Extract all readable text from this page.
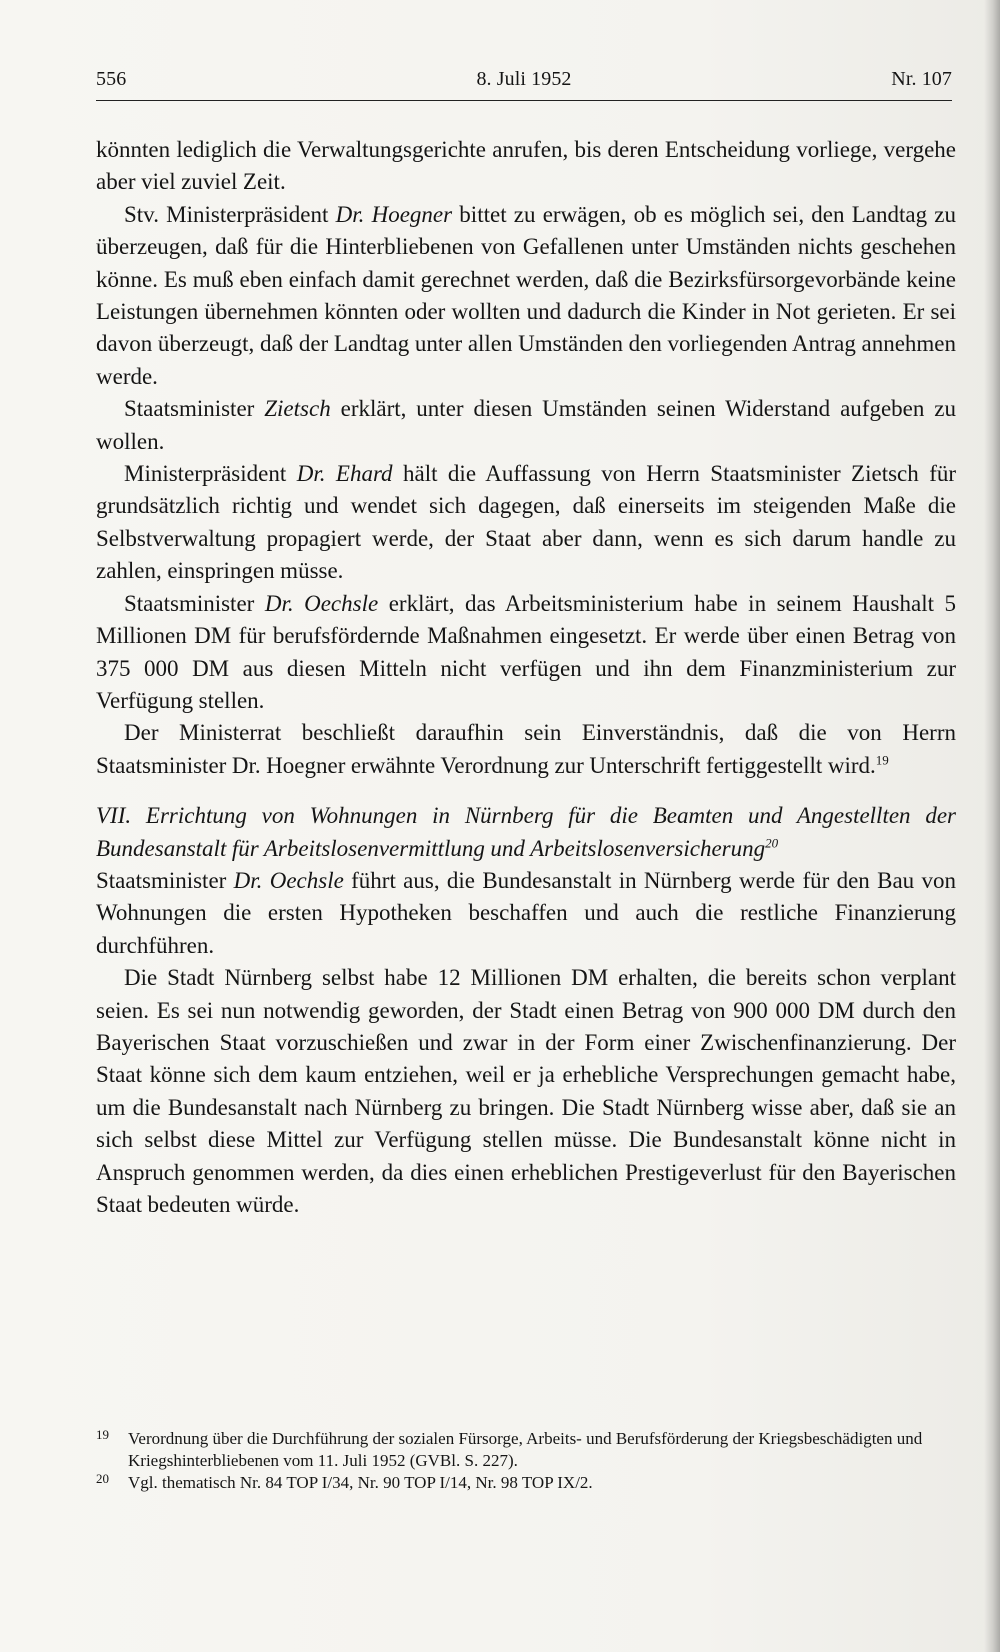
556	8. Juli 1952	Nr. 107

könnten lediglich die Verwaltungsgerichte anrufen, bis deren Entscheidung vorliege, vergehe aber viel zuviel Zeit.

Stv. Ministerpräsident Dr. Hoegner bittet zu erwägen, ob es möglich sei, den Landtag zu überzeugen, daß für die Hinterbliebenen von Gefallenen unter Umständen nichts geschehen könne. Es muß eben einfach damit gerechnet werden, daß die Bezirksfürsorgevorbände keine Leistungen übernehmen könnten oder wollten und dadurch die Kinder in Not gerieten. Er sei davon überzeugt, daß der Landtag unter allen Umständen den vorliegenden Antrag annehmen werde.

Staatsminister Zietsch erklärt, unter diesen Umständen seinen Widerstand aufgeben zu wollen.

Ministerpräsident Dr. Ehard hält die Auffassung von Herrn Staatsminister Zietsch für grundsätzlich richtig und wendet sich dagegen, daß einerseits im steigenden Maße die Selbstverwaltung propagiert werde, der Staat aber dann, wenn es sich darum handle zu zahlen, einspringen müsse.

Staatsminister Dr. Oechsle erklärt, das Arbeitsministerium habe in seinem Haushalt 5 Millionen DM für berufsfördernde Maßnahmen eingesetzt. Er werde über einen Betrag von 375 000 DM aus diesen Mitteln nicht verfügen und ihn dem Finanzministerium zur Verfügung stellen.

Der Ministerrat beschließt daraufhin sein Einverständnis, daß die von Herrn Staatsminister Dr. Hoegner erwähnte Verordnung zur Unterschrift fertiggestellt wird.$^{19}$

VII. Errichtung von Wohnungen in Nürnberg für die Beamten und Angestellten der Bundesanstalt für Arbeitslosenvermittlung und Arbeitslosenversicherung$^{20}$

Staatsminister Dr. Oechsle führt aus, die Bundesanstalt in Nürnberg werde für den Bau von Wohnungen die ersten Hypotheken beschaffen und auch die restliche Finanzierung durchführen.

Die Stadt Nürnberg selbst habe 12 Millionen DM erhalten, die bereits schon verplant seien. Es sei nun notwendig geworden, der Stadt einen Betrag von 900 000 DM durch den Bayerischen Staat vorzuschießen und zwar in der Form einer Zwischenfinanzierung. Der Staat könne sich dem kaum entziehen, weil er ja erhebliche Versprechungen gemacht habe, um die Bundesanstalt nach Nürnberg zu bringen. Die Stadt Nürnberg wisse aber, daß sie an sich selbst diese Mittel zur Verfügung stellen müsse. Die Bundesanstalt könne nicht in Anspruch genommen werden, da dies einen erheblichen Prestigeverlust für den Bayerischen Staat bedeuten würde.

19 Verordnung über die Durchführung der sozialen Fürsorge, Arbeits- und Berufsförderung der Kriegsbeschädigten und Kriegshinterbliebenen vom 11. Juli 1952 (GVBl. S. 227).
20 Vgl. thematisch Nr. 84 TOP I/34, Nr. 90 TOP I/14, Nr. 98 TOP IX/2.
